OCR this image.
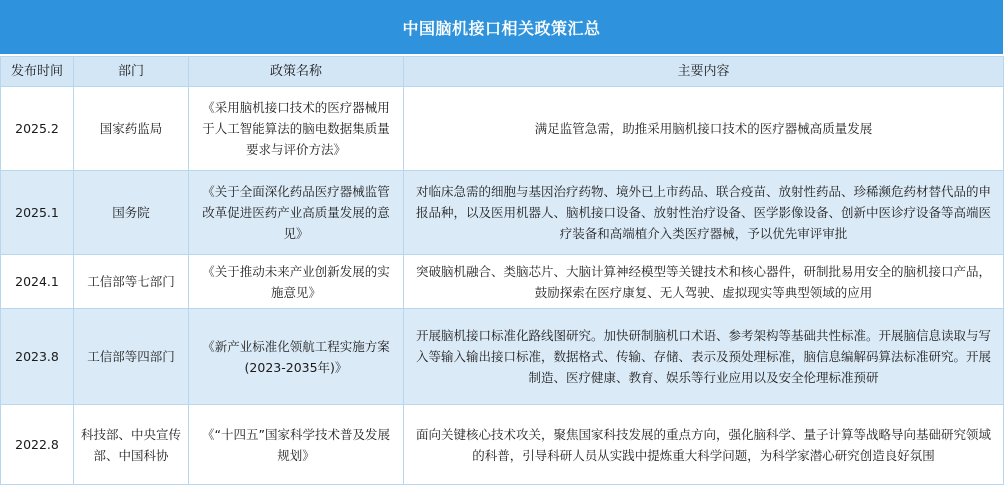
中国脑机接口相关政策汇总
发布时间	部门	政策名称	主要内容
2025.2	国家药监局	《采用脑机接口技术的医疗器械用于人工智能算法的脑电数据集质量要求与评价方法》	满足监管急需，助推采用脑机接口技术的医疗器械高质量发展
2025.1	国务院	《关于全面深化药品医疗器械监管改革促进医药产业高质量发展的意见》	对临床急需的细胞与基因治疗药物、境外已上市药品、联合疫苗、放射性药品、珍稀濒危药材替代品的申报品种，以及医用机器人、脑机接口设备、放射性治疗设备、医学影像设备、创新中医诊疗设备等高端医疗装备和高端植介入类医疗器械，予以优先审评审批
2024.1	工信部等七部门	《关于推动未来产业创新发展的实施意见》	突破脑机融合、类脑芯片、大脑计算神经模型等关键技术和核心器件，研制批易用安全的脑机接口产品，鼓励探索在医疗康复、无人驾驶、虚拟现实等典型领域的应用
2023.8	工信部等四部门	《新产业标准化领航工程实施方案(2023-2035年)》	开展脑机接口标准化路线图研究。加快研制脑机口术语、参考架构等基础共性标准。开展脑信息读取与写入等输入输出接口标准，数据格式、传输、存储、表示及预处理标准，脑信息编解码算法标准研究。开展制造、医疗健康、教育、娱乐等行业应用以及安全伦理标准预研
2022.8	科技部、中央宣传部、中国科协	《“十四五”国家科学技术普及发展规划》	面向关键核心技术攻关，聚焦国家科技发展的重点方向，强化脑科学、量子计算等战略导向基础研究领域的科普，引导科研人员从实践中提炼重大科学问题，为科学家潜心研究创造良好氛围
